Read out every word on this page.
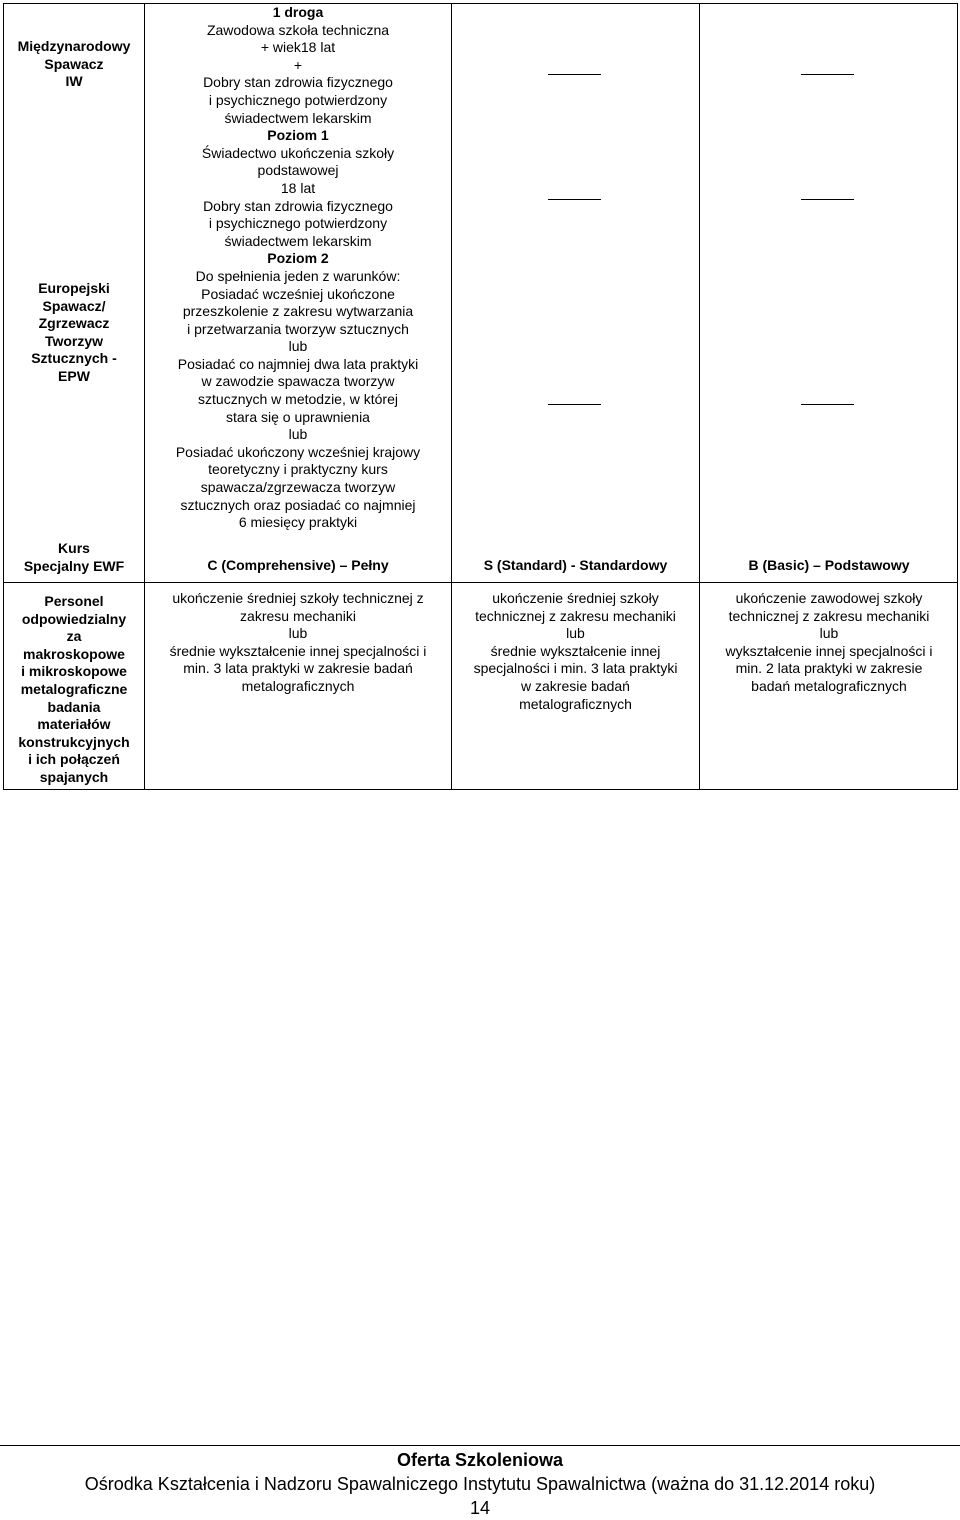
Międzynarodowy
Spawacz
IW
Europejski
Spawacz/
Zgrzewacz
Tworzyw
Sztucznych -
EPW
Kurs
Specjalny EWF
Personel
odpowiedzialny
za
makroskopowe
i mikroskopowe
metalograficzne
badania
materiałów
konstrukcyjnych
i ich połączeń
spajanych
1 droga
Zawodowa szkoła techniczna
+ wiek18 lat
+
Dobry stan zdrowia fizycznego
i psychicznego potwierdzony
świadectwem lekarskim
Poziom 1
Świadectwo ukończenia szkoły
podstawowej
18 lat
Dobry stan zdrowia fizycznego
i psychicznego potwierdzony
świadectwem lekarskim
Poziom 2
Do spełnienia jeden z warunków:
Posiadać wcześniej ukończone
przeszkolenie z zakresu wytwarzania
i przetwarzania tworzyw sztucznych
lub
Posiadać co najmniej dwa lata praktyki
w zawodzie spawacza tworzyw
sztucznych w metodzie, w której
stara się o uprawnienia
lub
Posiadać ukończony wcześniej krajowy
teoretyczny i praktyczny kurs
spawacza/zgrzewacza tworzyw
sztucznych oraz posiadać co najmniej
6 miesięcy praktyki
C (Comprehensive) – Pełny	S (Standard) - Standardowy	B (Basic) – Podstawowy
ukończenie średniej szkoły technicznej z
zakresu mechaniki
lub
średnie wykształcenie innej specjalności i
min. 3 lata praktyki w zakresie badań
metalograficznych
ukończenie średniej szkoły
technicznej z zakresu mechaniki
lub
średnie wykształcenie innej
specjalności i min. 3 lata praktyki
w zakresie badań
metalograficznych
ukończenie zawodowej szkoły
technicznej z zakresu mechaniki
lub
wykształcenie innej specjalności i
min. 2 lata praktyki w zakresie
badań metalograficznych
Oferta Szkoleniowa
Ośrodka Kształcenia i Nadzoru Spawalniczego Instytutu Spawalnictwa (ważna do 31.12.2014 roku)
14
